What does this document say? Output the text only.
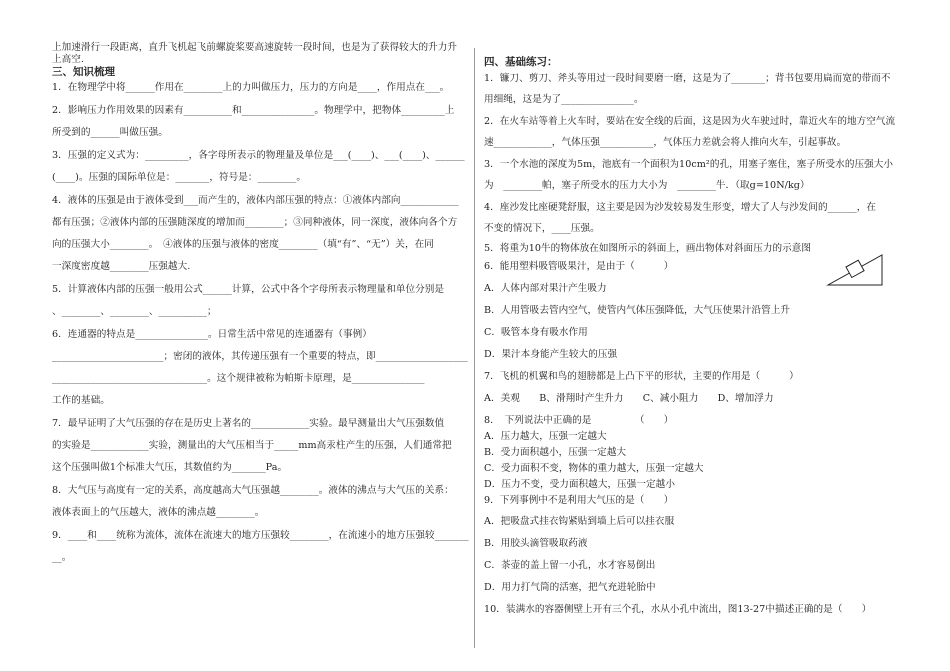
上加速滑行一段距离，直升飞机起飞前螺旋桨要高速旋转一段时间，也是为了获得较大的升力升

上高空.

三、知识梳理

1．在物理学中将______作用在________上的力叫做压力，压力的方向是____，作用点在___。

2．影响压力作用效果的因素有__________和_______________。物理学中，把物体_________上

所受到的______叫做压强。

3．压强的定义式为：_________，各字母所表示的物理量及单位是___(____)、___(____)、______

(____)。压强的国际单位是：_______，符号是：________。

4．液体的压强是由于液体受到___而产生的，液体内部压强的特点：①液体内部向____________

都有压强；②液体内部的压强随深度的增加而________；③同种液体，同一深度，液体向各个方

向的压强大小________。　④液体的压强与液体的密度________（填“有”、“无”）关，在同

一深度密度越________压强越大.

5．计算液体内部的压强一般用公式______计算，公式中各个字母所表示物理量和单位分别是

、________、________、__________；

6．连通器的特点是_______________。日常生活中常见的连通器有（事例）

_______________________；密闭的液体，其传递压强有一个重要的特点，即___________________

________________________________。这个规律被称为帕斯卡原理，是_______________

工作的基础。

7．最早证明了大气压强的存在是历史上著名的____________实验。最早测量出大气压强数值

的实验是____________实验，测量出的大气压相当于_____mm高汞柱产生的压强，人们通常把

这个压强叫做1个标准大气压，其数值约为_______Pa。

8．大气压与高度有一定的关系，高度越高大气压强越________。液体的沸点与大气压的关系：

液体表面上的气压越大，液体的沸点越________。

9．____和____统称为流体，流体在流速大的地方压强较________，在流速小的地方压强较_______

__。

四、基础练习：

1．镰刀、剪刀、斧头等用过一段时间要磨一磨，这是为了_______；背书包要用扁而宽的带而不

用细绳，这是为了_______________。

2．在火车站等着上火车时，要站在安全线的后面，这是因为火车驶过时，靠近火车的地方空气流

速____________，气体压强___________，气体压力差就会将人推向火车，引起事故。

3．一个水池的深度为5m，池底有一个面积为10cm²的孔，用塞子塞住，塞子所受水的压强大小

为　________帕，塞子所受水的压力大小为　________牛．（取g=10N/kg）

4．座沙发比座硬凳舒服，这主要是因为沙发较易发生形变，增大了人与沙发间的______，在

不变的情况下，____压强。

5．将重为10牛的物体放在如图所示的斜面上，画出物体对斜面压力的示意图

6．能用塑料吸管吸果汁，是由于（　　　）

A．人体内部对果汁产生吸力

B．人用管吸去管内空气，使管内气体压强降低，大气压使果汁沿管上升

C．吸管本身有吸水作用

D．果汁本身能产生较大的压强

7．飞机的机翼和鸟的翅膀都是上凸下平的形状，主要的作用是（　　　）

A．美观　　B、滑翔时产生升力　　C、减小阻力　　D、增加浮力

8．　下列说法中正确的是　　　　　（　　）

A．压力越大，压强一定越大

B．受力面积越小，压强一定越大

C．受力面积不变，物体的重力越大，压强一定越大

D．压力不变，受力面积越大，压强一定越小

9．下列事例中不是利用大气压的是（　　）

A．把吸盘式挂衣钩紧贴到墙上后可以挂衣服

B．用胶头滴管吸取药液

C．茶壶的盖上留一小孔，水才容易倒出

D．用力打气筒的活塞，把气充进轮胎中

10．装满水的容器侧壁上开有三个孔，水从小孔中流出，图13-27中描述正确的是（　　）
